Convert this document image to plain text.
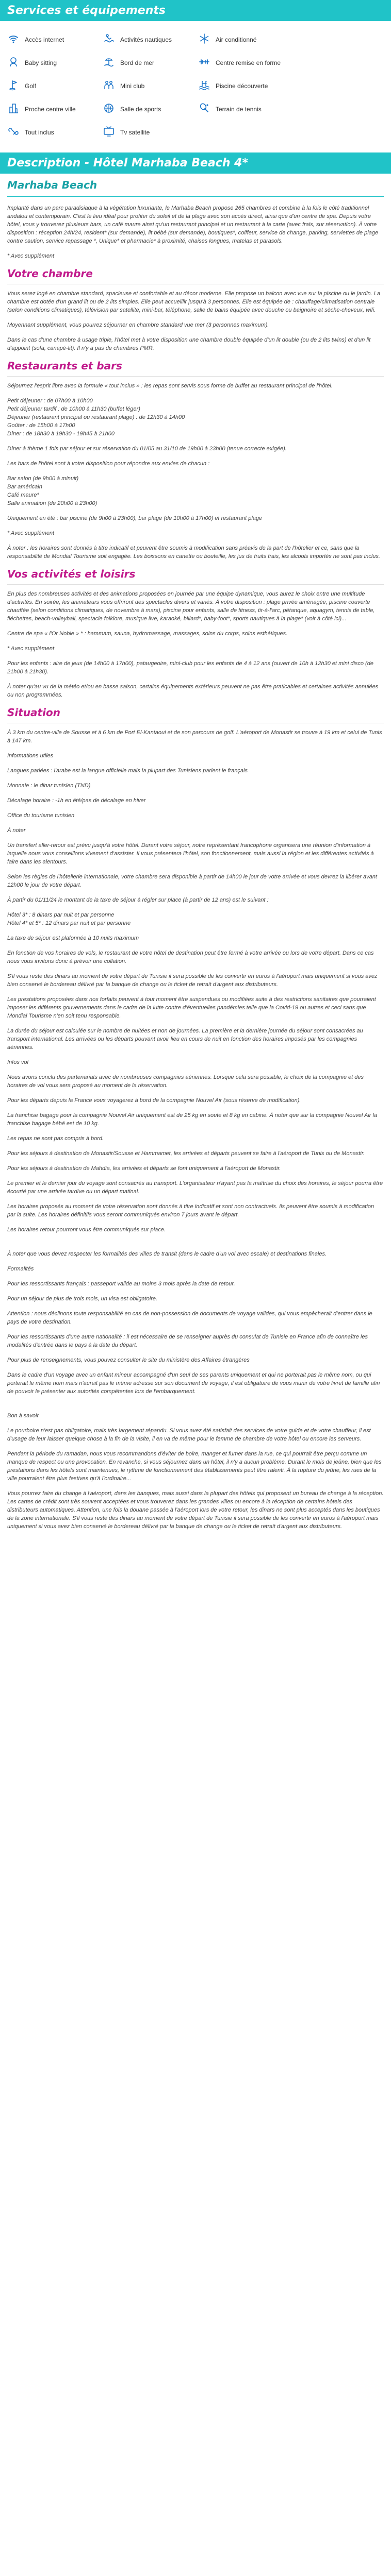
Services et équipements
Accès internet	Activités nautiques	Air conditionné
Baby sitting	Bord de mer	Centre remise en forme
Golf	Mini club	Piscine découverte
Proche centre ville	Salle de sports	Terrain de tennis
Tout inclus	Tv satellite
Description - Hôtel Marhaba Beach 4*
Marhaba Beach

Implanté dans un parc paradisiaque à la végétation luxuriante, le Marhaba Beach propose 265 chambres et combine à la fois le côté traditionnel andalou et contemporain. C'est le lieu idéal pour profiter du soleil et de la plage avec son accès direct, ainsi que d'un centre de spa. Depuis votre hôtel, vous y trouverez plusieurs bars, un café maure ainsi qu'un restaurant principal et un restaurant à la carte (avec frais, sur réservation). À votre disposition : réception 24h/24, resident* (sur demande), lit bébé (sur demande), boutiques*, coiffeur, service de change, parking, serviettes de plage contre caution, service repassage *, Unique* et pharmacie* à proximité, chaises longues, matelas et parasols.

* Avec supplément

Votre chambre

Vous serez logé en chambre standard, spacieuse et confortable et au décor moderne. Elle propose un balcon avec vue sur la piscine ou le jardin. La chambre est dotée d'un grand lit ou de 2 lits simples. Elle peut accueillir jusqu'à 3 personnes. Elle est équipée de : chauffage/climatisation centrale (selon conditions climatiques), télévision par satellite, mini-bar, téléphone, salle de bains équipée avec douche ou baignoire et sèche-cheveux, wifi.

Moyennant supplément, vous pourrez séjourner en chambre standard vue mer (3 personnes maximum).

Dans le cas d'une chambre à usage triple, l'hôtel met à votre disposition une chambre double équipée d'un lit double (ou de 2 lits twins) et d'un lit d'appoint (sofa, canapé-lit). Il n'y a pas de chambres PMR.

Restaurants et bars

Séjournez l'esprit libre avec la formule « tout inclus » : les repas sont servis sous forme de buffet au restaurant principal de l'hôtel.

Petit déjeuner : de 07h00 à 10h00
Petit déjeuner tardif : de 10h00 à 11h30 (buffet léger)
Déjeuner (restaurant principal ou restaurant plage) : de 12h30 à 14h00
Goûter : de 15h00 à 17h00
Dîner : de 18h30 à 19h30 - 19h45 à 21h00

Dîner à thème 1 fois par séjour et sur réservation du 01/05 au 31/10 de 19h00 à 23h00 (tenue correcte exigée).

Les bars de l'hôtel sont à votre disposition pour répondre aux envies de chacun :

Bar salon (de 9h00 à minuit)
Bar américain
Café maure*
Salle animation (de 20h00 à 23h00)

Uniquement en été : bar piscine (de 9h00 à 23h00), bar plage (de 10h00 à 17h00) et restaurant plage

* Avec supplément

À noter : les horaires sont donnés à titre indicatif et peuvent être soumis à modification sans préavis de la part de l'hôtelier et ce, sans que la responsabilité de Mondial Tourisme soit engagée. Les boissons en canette ou bouteille, les jus de fruits frais, les alcools importés ne sont pas inclus.

Vos activités et loisirs

En plus des nombreuses activités et des animations proposées en journée par une équipe dynamique, vous aurez le choix entre une multitude d'activités. En soirée, les animateurs vous offriront des spectacles divers et variés. À votre disposition : plage privée aménagée, piscine couverte chauffée (selon conditions climatiques, de novembre à mars), piscine pour enfants, salle de fitness, tir-à-l'arc, pétanque, aquagym, tennis de table, fléchettes, beach-volleyball, spectacle folklore, musique live, karaoké, billard*, baby-foot*, sports nautiques à la plage* (voir à côté ici)...

Centre de spa « l'Or Noble » * : hammam, sauna, hydromassage, massages, soins du corps, soins esthétiques.

* Avec supplément

Pour les enfants : aire de jeux (de 14h00 à 17h00), pataugeoire, mini-club pour les enfants de 4 à 12 ans (ouvert de 10h à 12h30 et mini disco (de 21h00 à 21h30).

À noter qu'au vu de la météo et/ou en basse saison, certains équipements extérieurs peuvent ne pas être praticables et certaines activités annulées ou non programmées.

Situation

À 3 km du centre-ville de Sousse et à 6 km de Port El-Kantaoui et de son parcours de golf. L'aéroport de Monastir se trouve à 19 km et celui de Tunis à 147 km.

Informations utiles

Langues parlées : l'arabe est la langue officielle mais la plupart des Tunisiens parlent le français

Monnaie : le dinar tunisien (TND)

Décalage horaire : -1h en été/pas de décalage en hiver

Office du tourisme tunisien

À noter

Un transfert aller-retour est prévu jusqu'à votre hôtel. Durant votre séjour, notre représentant francophone organisera une réunion d'information à laquelle nous vous conseillons vivement d'assister. Il vous présentera l'hôtel, son fonctionnement, mais aussi la région et les différentes activités à faire dans les alentours.

Selon les règles de l'hôtellerie internationale, votre chambre sera disponible à partir de 14h00 le jour de votre arrivée et vous devrez la libérer avant 12h00 le jour de votre départ.

À partir du 01/11/24 le montant de la taxe de séjour à régler sur place (à partir de 12 ans) est le suivant :

Hôtel 3* : 8 dinars par nuit et par personne
Hôtel 4* et 5* : 12 dinars par nuit et par personne

La taxe de séjour est plafonnée à 10 nuits maximum

En fonction de vos horaires de vols, le restaurant de votre hôtel de destination peut être fermé à votre arrivée ou lors de votre départ. Dans ce cas nous vous invitons donc à prévoir une collation.

S'il vous reste des dinars au moment de votre départ de Tunisie il sera possible de les convertir en euros à l'aéroport mais uniquement si vous avez bien conservé le bordereau délivré par la banque de change ou le ticket de retrait d'argent aux distributeurs.

Les prestations proposées dans nos forfaits peuvent à tout moment être suspendues ou modifiées suite à des restrictions sanitaires que pourraient imposer les différents gouvernements dans le cadre de la lutte contre d'éventuelles pandémies telle que la Covid-19 ou autres et ceci sans que Mondial Tourisme n'en soit tenu responsable.

La durée du séjour est calculée sur le nombre de nuitées et non de journées. La première et la dernière journée du séjour sont consacrées au transport international. Les arrivées ou les départs pouvant avoir lieu en cours de nuit en fonction des horaires imposés par les compagnies aériennes.

Infos vol

Nous avons conclu des partenariats avec de nombreuses compagnies aériennes. Lorsque cela sera possible, le choix de la compagnie et des horaires de vol vous sera proposé au moment de la réservation.

Pour les départs depuis la France vous voyagerez à bord de la compagnie Nouvel Air (sous réserve de modification).

La franchise bagage pour la compagnie Nouvel Air uniquement est de 25 kg en soute et 8 kg en cabine. À noter que sur la compagnie Nouvel Air la franchise bagage bébé est de 10 kg.

Les repas ne sont pas compris à bord.

Pour les séjours à destination de Monastir/Sousse et Hammamet, les arrivées et départs peuvent se faire à l'aéroport de Tunis ou de Monastir.

Pour les séjours à destination de Mahdia, les arrivées et départs se font uniquement à l'aéroport de Monastir.

Le premier et le dernier jour du voyage sont consacrés au transport. L'organisateur n'ayant pas la maîtrise du choix des horaires, le séjour pourra être écourté par une arrivée tardive ou un départ matinal.

Les horaires proposés au moment de votre réservation sont donnés à titre indicatif et sont non contractuels. Ils peuvent être soumis à modification par la suite. Les horaires définitifs vous seront communiqués environ 7 jours avant le départ.

Les horaires retour pourront vous être communiqués sur place.

À noter que vous devez respecter les formalités des villes de transit (dans le cadre d'un vol avec escale) et destinations finales.

Formalités

Pour les ressortissants français : passeport valide au moins 3 mois après la date de retour.

Pour un séjour de plus de trois mois, un visa est obligatoire.

Attention : nous déclinons toute responsabilité en cas de non-possession de documents de voyage valides, qui vous empêcherait d'entrer dans le pays de votre destination.

Pour les ressortissants d'une autre nationalité : il est nécessaire de se renseigner auprès du consulat de Tunisie en France afin de connaître les modalités d'entrée dans le pays à la date du départ.

Pour plus de renseignements, vous pouvez consulter le site du ministère des Affaires étrangères

Dans le cadre d'un voyage avec un enfant mineur accompagné d'un seul de ses parents uniquement et qui ne porterait pas le même nom, ou qui porterait le même nom mais n'aurait pas le même adresse sur son document de voyage, il est obligatoire de vous munir de votre livret de famille afin de pouvoir le présenter aux autorités compétentes lors de l'embarquement.

Bon à savoir

Le pourboire n'est pas obligatoire, mais très largement répandu. Si vous avez été satisfait des services de votre guide et de votre chauffeur, il est d'usage de leur laisser quelque chose à la fin de la visite, il en va de même pour le femme de chambre de votre hôtel ou encore les serveurs.

Pendant la période du ramadan, nous vous recommandons d'éviter de boire, manger et fumer dans la rue, ce qui pourrait être perçu comme un manque de respect ou une provocation. En revanche, si vous séjournez dans un hôtel, il n'y a aucun problème. Durant le mois de jeûne, bien que les prestations dans les hôtels sont maintenues, le rythme de fonctionnement des établissements peut être ralenti. À la rupture du jeûne, les rues de la ville pourraient être plus festives qu'à l'ordinaire...

Vous pourrez faire du change à l'aéroport, dans les banques, mais aussi dans la plupart des hôtels qui proposent un bureau de change à la réception. Les cartes de crédit sont très souvent acceptées et vous trouverez dans les grandes villes ou encore à la réception de certains hôtels des distributeurs automatiques. Attention, une fois la douane passée à l'aéroport lors de votre retour, les dinars ne sont plus acceptés dans les boutiques de la zone internationale. S'il vous reste des dinars au moment de votre départ de Tunisie il sera possible de les convertir en euros à l'aéroport mais uniquement si vous avez bien conservé le bordereau délivré par la banque de change ou le ticket de retrait d'argent aux distributeurs.
